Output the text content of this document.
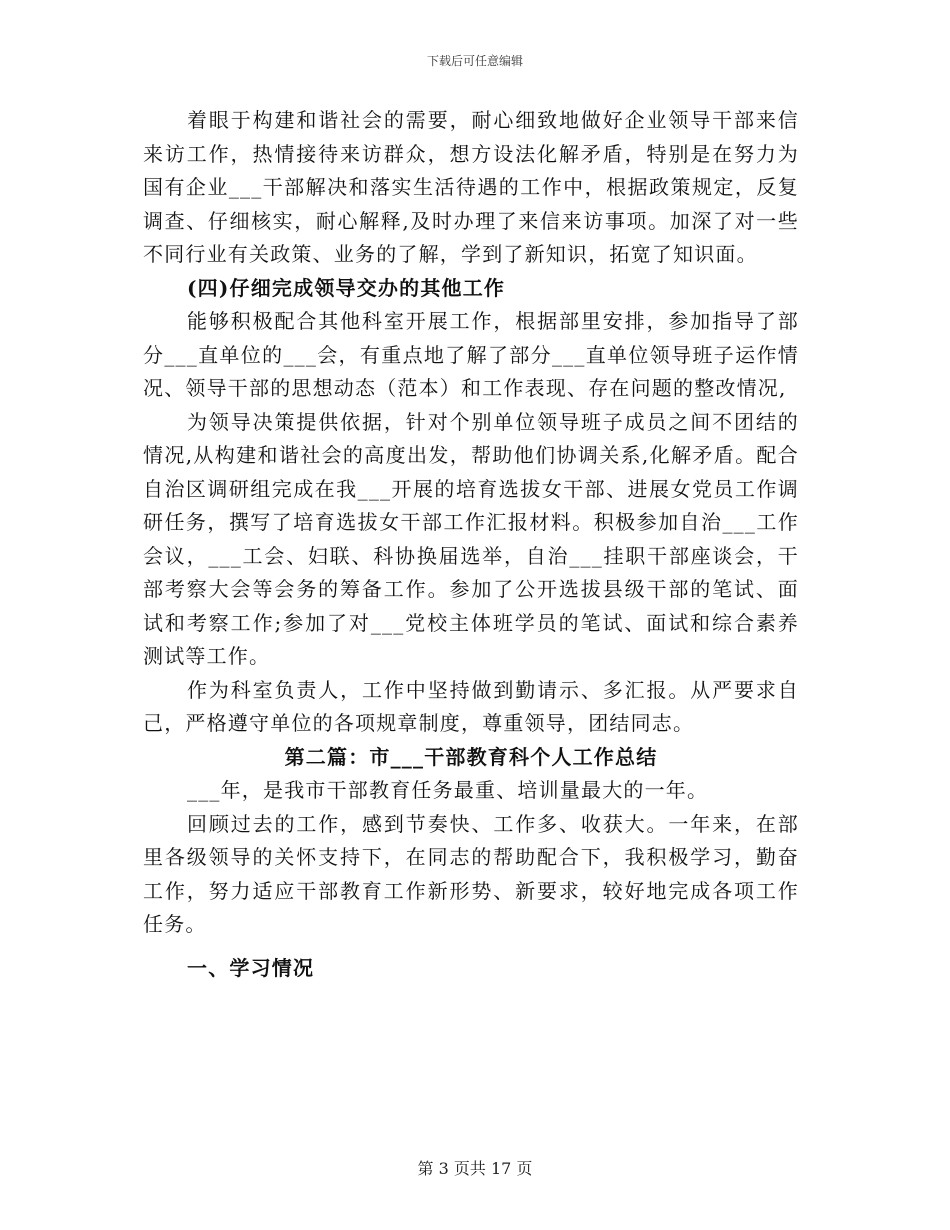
下载后可任意编辑

着眼于构建和谐社会的需要，耐心细致地做好企业领导干部来信来访工作，热情接待来访群众，想方设法化解矛盾，特别是在努力为国有企业___干部解决和落实生活待遇的工作中，根据政策规定，反复调查、仔细核实，耐心解释,及时办理了来信来访事项。加深了对一些不同行业有关政策、业务的了解，学到了新知识，拓宽了知识面。

(四)仔细完成领导交办的其他工作

能够积极配合其他科室开展工作，根据部里安排，参加指导了部分___直单位的___会，有重点地了解了部分___直单位领导班子运作情况、领导干部的思想动态（范本）和工作表现、存在问题的整改情况,

为领导决策提供依据，针对个别单位领导班子成员之间不团结的情况,从构建和谐社会的高度出发，帮助他们协调关系,化解矛盾。配合自治区调研组完成在我___开展的培育选拔女干部、进展女党员工作调研任务，撰写了培育选拔女干部工作汇报材料。积极参加自治___工作会议，___工会、妇联、科协换届选举，自治___挂职干部座谈会，干部考察大会等会务的筹备工作。参加了公开选拔县级干部的笔试、面试和考察工作;参加了对___党校主体班学员的笔试、面试和综合素养测试等工作。

作为科室负责人，工作中坚持做到勤请示、多汇报。从严要求自己，严格遵守单位的各项规章制度，尊重领导，团结同志。

第二篇：市___干部教育科个人工作总结

___年，是我市干部教育任务最重、培训量最大的一年。

回顾过去的工作，感到节奏快、工作多、收获大。一年来，在部里各级领导的关怀支持下，在同志的帮助配合下，我积极学习，勤奋工作，努力适应干部教育工作新形势、新要求，较好地完成各项工作任务。

一、学习情况

第 3 页共 17 页
